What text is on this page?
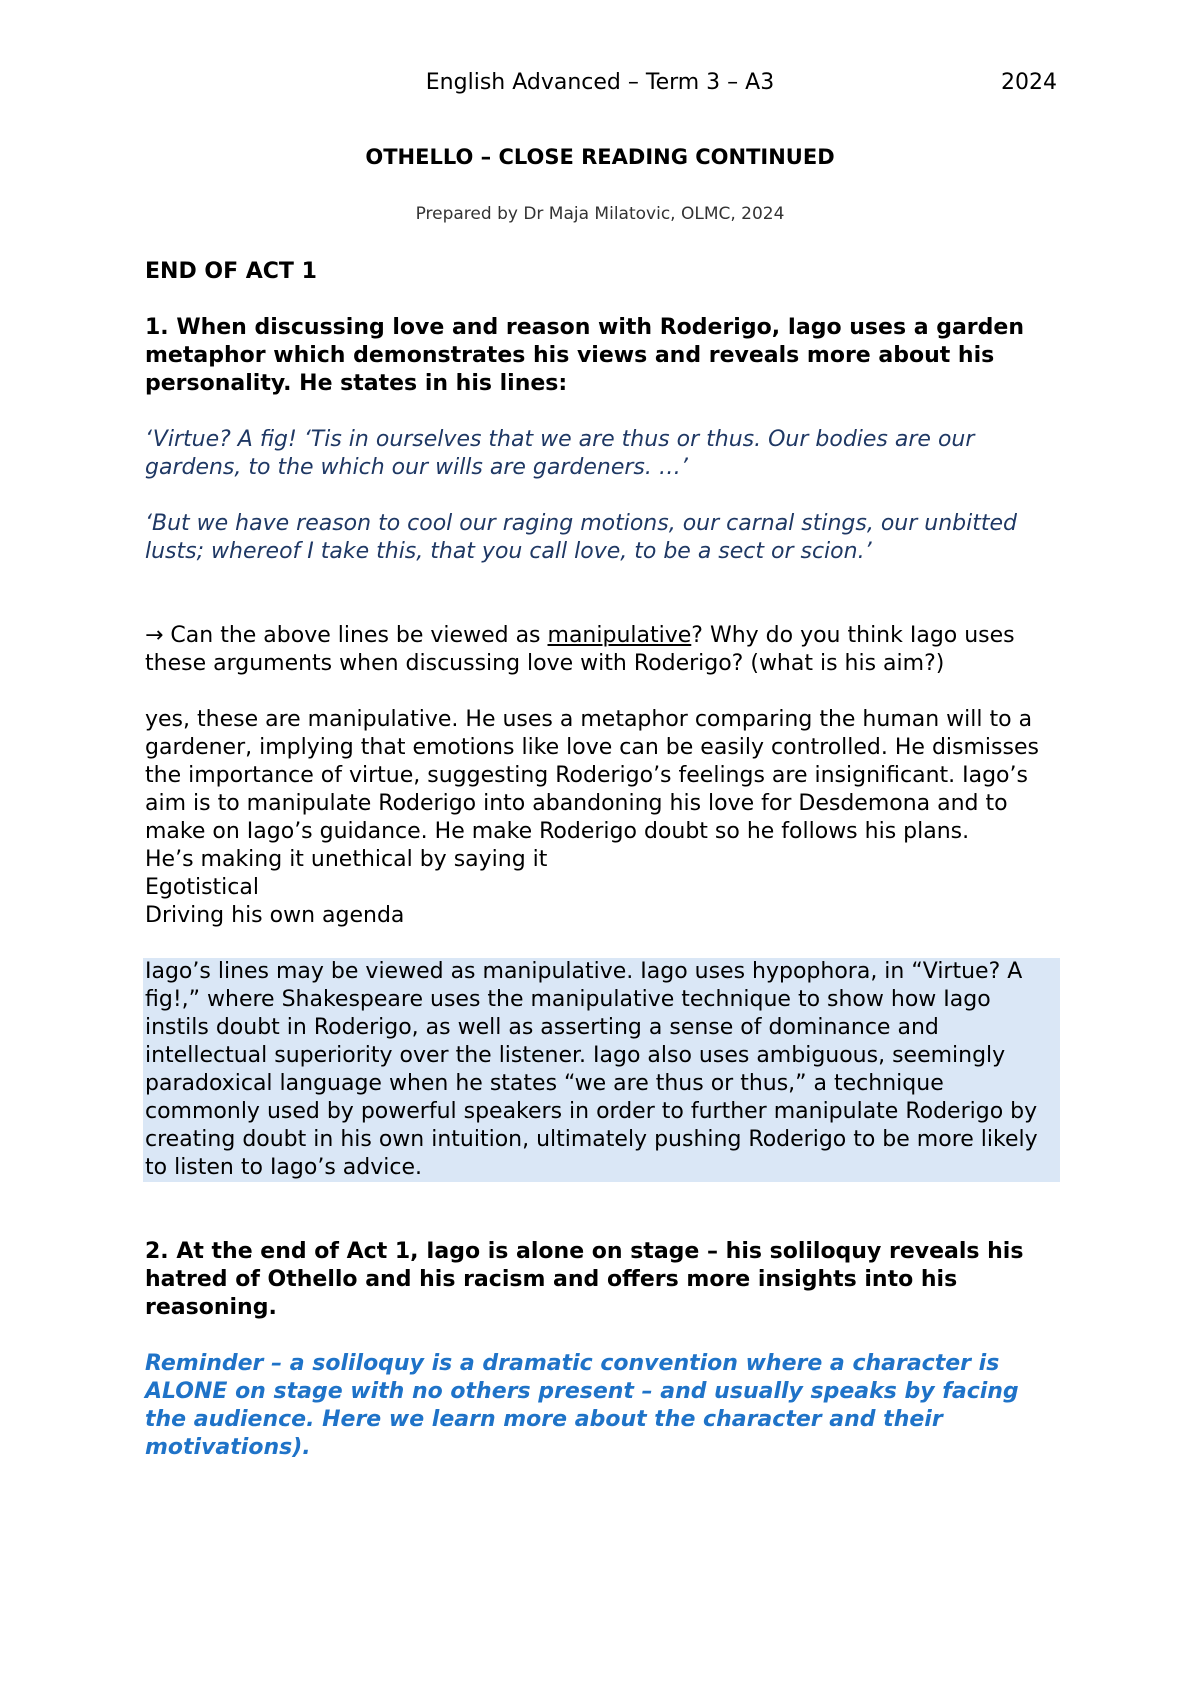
English Advanced – Term 3 – A3	2024
OTHELLO – CLOSE READING CONTINUED
Prepared by Dr Maja Milatovic, OLMC, 2024

END OF ACT 1

1. When discussing love and reason with Roderigo, Iago uses a garden metaphor which demonstrates his views and reveals more about his personality. He states in his lines:

‘Virtue? A fig! ‘Tis in ourselves that we are thus or thus. Our bodies are our gardens, to the which our wills are gardeners. …’

‘But we have reason to cool our raging motions, our carnal stings, our unbitted lusts; whereof I take this, that you call love, to be a sect or scion.’

→ Can the above lines be viewed as manipulative? Why do you think Iago uses these arguments when discussing love with Roderigo? (what is his aim?)

yes, these are manipulative. He uses a metaphor comparing the human will to a gardener, implying that emotions like love can be easily controlled. He dismisses the importance of virtue, suggesting Roderigo’s feelings are insignificant. Iago’s aim is to manipulate Roderigo into abandoning his love for Desdemona and to make on Iago’s guidance. He make Roderigo doubt so he follows his plans.

He’s making it unethical by saying it

Egotistical

Driving his own agenda

Iago’s lines may be viewed as manipulative. Iago uses hypophora, in “Virtue? A fig!,” where Shakespeare uses the manipulative technique to show how Iago instils doubt in Roderigo, as well as asserting a sense of dominance and intellectual superiority over the listener. Iago also uses ambiguous, seemingly paradoxical language when he states “we are thus or thus,” a technique commonly used by powerful speakers in order to further manipulate Roderigo by creating doubt in his own intuition, ultimately pushing Roderigo to be more likely to listen to Iago’s advice.

2. At the end of Act 1, Iago is alone on stage – his soliloquy reveals his hatred of Othello and his racism and offers more insights into his reasoning.

Reminder – a soliloquy is a dramatic convention where a character is ALONE on stage with no others present – and usually speaks by facing the audience. Here we learn more about the character and their motivations).
